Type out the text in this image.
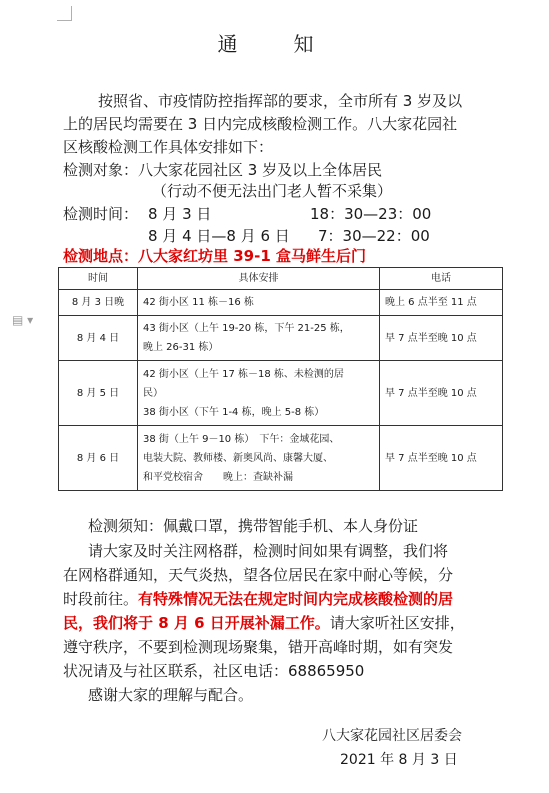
▤ ▾
通　知
按照省、市疫情防控指挥部的要求，全市所有 3 岁及以
上的居民均需要在 3 日内完成核酸检测工作。八大家花园社
区核酸检测工作具体安排如下：
检测对象：八大家花园社区 3 岁及以上全体居民
（行动不便无法出门老人暂不采集）
检测时间： 8 月 3 日	18：30—23：00
8 月 4 日—8 月 6 日 7：30—22：00
检测地点：八大家红坊里 39-1 盒马鲜生后门
时间	具体安排	电话
8 月 3 日晚	42 街小区 11 栋－16 栋	晚上 6 点半至 11 点
8 月 4 日	43 街小区（上午 19-20 栋，下午 21-25 栋，
晚上 26-31 栋）	早 7 点半至晚 10 点
8 月 5 日	42 街小区（上午 17 栋－18 栋、未检测的居
民）
38 街小区（下午 1-4 栋，晚上 5-8 栋）	早 7 点半至晚 10 点
8 月 6 日	38 街（上午 9－10 栋）　下午：金域花园、
电装大院、教师楼、新奥风尚、康馨大厦、
和平党校宿舍　　晚上：查缺补漏	早 7 点半至晚 10 点
检测须知：佩戴口罩，携带智能手机、本人身份证
请大家及时关注网格群，检测时间如果有调整，我们将
在网格群通知，天气炎热，望各位居民在家中耐心等候，分
时段前往。有特殊情况无法在规定时间内完成核酸检测的居
民，我们将于 8 月 6 日开展补漏工作。请大家听社区安排，
遵守秩序，不要到检测现场聚集，错开高峰时期，如有突发
状况请及与社区联系，社区电话：68865950
感谢大家的理解与配合。
八大家花园社区居委会
2021 年 8 月 3 日
